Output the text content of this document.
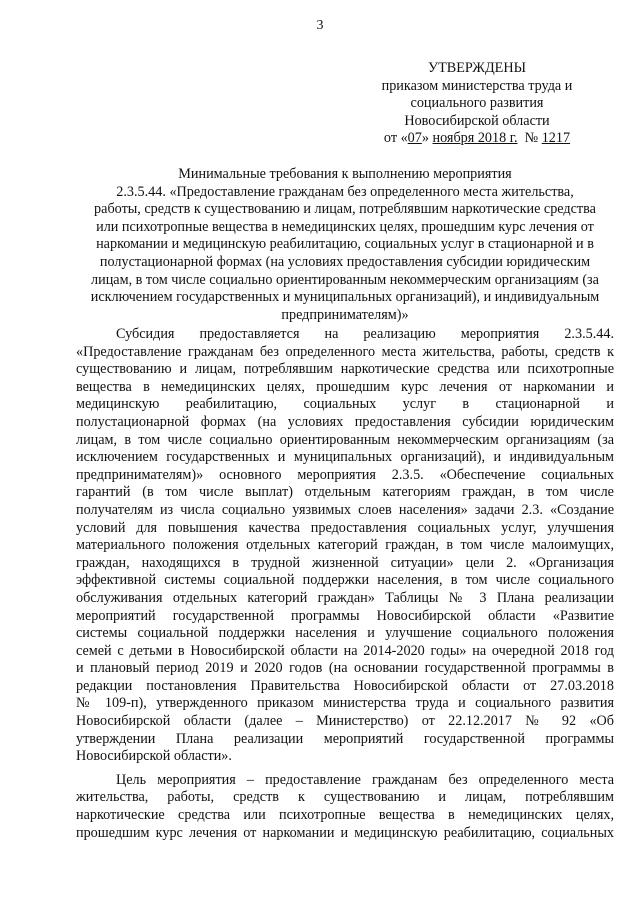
3
УТВЕРЖДЕНЫ
приказом министерства труда и
социального развития
Новосибирской области
от «07» ноября 2018 г.  № 1217
Минимальные требования к выполнению мероприятия
2.3.5.44. «Предоставление гражданам без определенного места жительства,
работы, средств к существованию и лицам, потреблявшим наркотические средства
или психотропные вещества в немедицинских целях, прошедшим курс лечения от
наркомании и медицинскую реабилитацию, социальных услуг в стационарной и в
полустационарной формах (на условиях предоставления субсидии юридическим
лицам, в том числе социально ориентированным некоммерческим организациям (за
исключением государственных и муниципальных организаций), и индивидуальным
предпринимателям)»
Субсидия предоставляется на реализацию мероприятия 2.3.5.44.
«Предоставление гражданам без определенного места жительства, работы, средств к
существованию и лицам, потреблявшим наркотические средства или психотропные
вещества в немедицинских целях, прошедшим курс лечения от наркомании и
медицинскую реабилитацию, социальных услуг в стационарной и
полустационарной формах (на условиях предоставления субсидии юридическим
лицам, в том числе социально ориентированным некоммерческим организациям (за
исключением государственных и муниципальных организаций), и индивидуальным
предпринимателям)» основного мероприятия 2.3.5. «Обеспечение социальных
гарантий (в том числе выплат) отдельным категориям граждан, в том числе
получателям из числа социально уязвимых слоев населения» задачи 2.3. «Создание
условий для повышения качества предоставления социальных услуг, улучшения
материального положения отдельных категорий граждан, в том числе малоимущих,
граждан, находящихся в трудной жизненной ситуации» цели 2. «Организация
эффективной системы социальной поддержки населения, в том числе социального
обслуживания отдельных категорий граждан» Таблицы № 3 Плана реализации
мероприятий государственной программы Новосибирской области «Развитие
системы социальной поддержки населения и улучшение социального положения
семей с детьми в Новосибирской области на 2014-2020 годы» на очередной 2018 год
и плановый период 2019 и 2020 годов (на основании государственной программы в
редакции постановления Правительства Новосибирской области от 27.03.2018
№ 109-п), утвержденного приказом министерства труда и социального развития
Новосибирской области (далее – Министерство) от 22.12.2017 № 92 «Об
утверждении Плана реализации мероприятий государственной программы
Новосибирской области».
Цель мероприятия – предоставление гражданам без определенного места
жительства, работы, средств к существованию и лицам, потреблявшим
наркотические средства или психотропные вещества в немедицинских целях,
прошедшим курс лечения от наркомании и медицинскую реабилитацию, социальных
